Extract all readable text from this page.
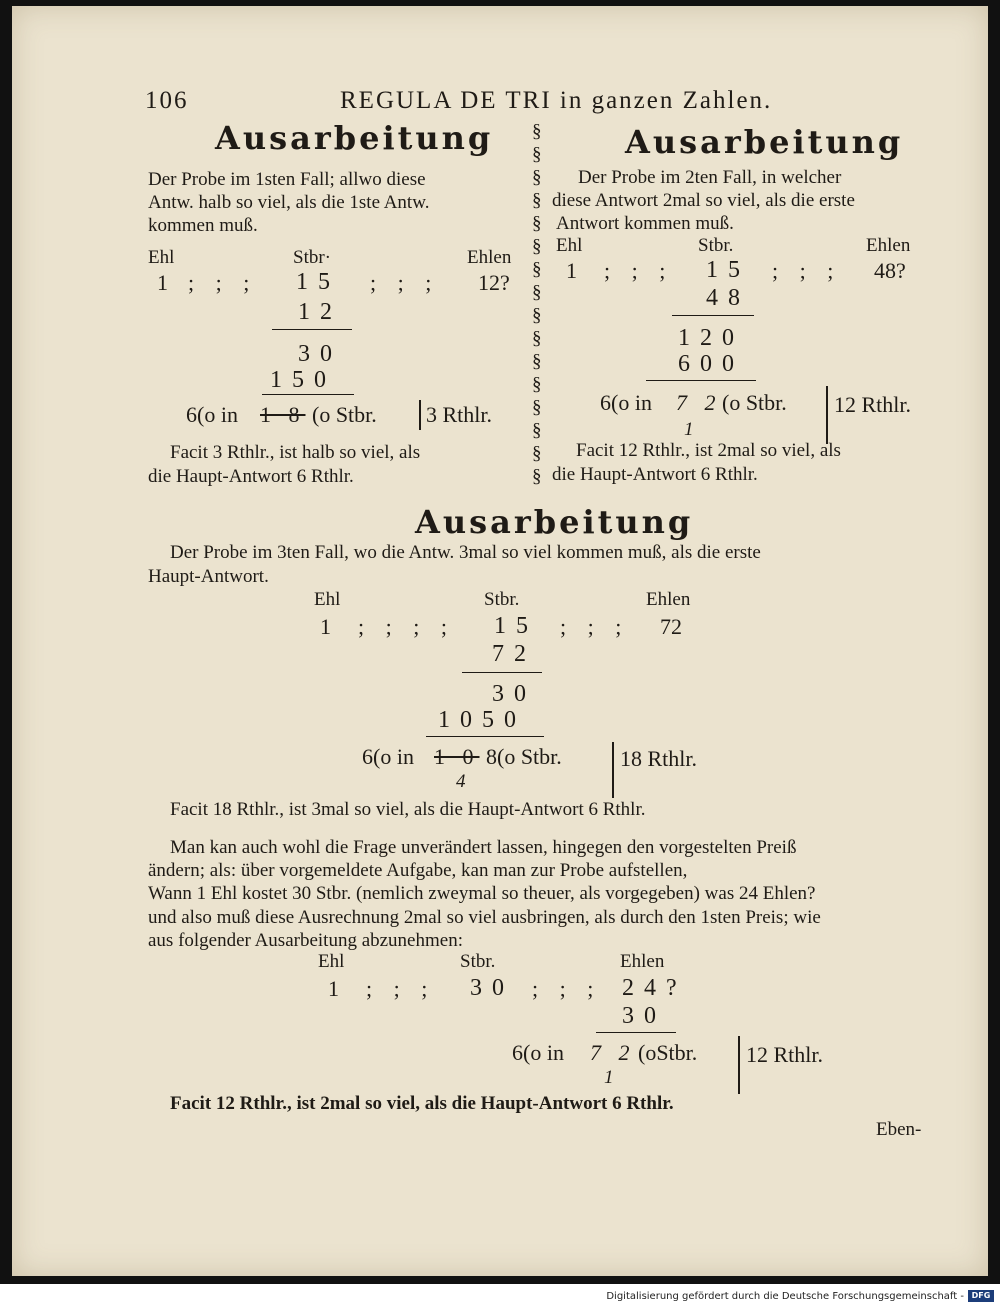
106	REGULA DE TRI in ganzen Zahlen.
Ausarbeitung
Der Probe im 1sten Fall; allwo diese
Antw. halb so viel, als die 1ste Antw.
kommen muß.
Ehl	Stbr·	Ehlen
1 ; ; ; 15 ; ; ; 12?
12
30
150
6(o in 1 8 (o Stbr. 3 Rthlr.
Facit 3 Rthlr., ist halb so viel, als
die Haupt-Antwort 6 Rthlr.
§
§
§
§
§
§
§
§
§
§
§
§
§
§
§
§
Ausarbeitung
Der Probe im 2ten Fall, in welcher
diese Antwort 2mal so viel, als die erste
Antwort kommen muß.
Ehl	Stbr.	Ehlen
1 ; ; ; 15 ; ; ; 48?
48
120
600
6(o in 7 2 (o Stbr. 12 Rthlr.
1
Facit 12 Rthlr., ist 2mal so viel, als
die Haupt-Antwort 6 Rthlr.
Ausarbeitung
Der Probe im 3ten Fall, wo die Antw. 3mal so viel kommen muß, als die erste
Haupt-Antwort.
Ehl	Stbr.	Ehlen
1 ; ; ; ; 15 ; ; ; 72
72
30
1050
6(o in 1 0 8(o Stbr.	18 Rthlr.
4
Facit 18 Rthlr., ist 3mal so viel, als die Haupt-Antwort 6 Rthlr.
Man kan auch wohl die Frage unverändert lassen, hingegen den vorgestelten Preiß
ändern; als: über vorgemeldete Aufgabe, kan man zur Probe aufstellen,
Wann 1 Ehl kostet 30 Stbr. (nemlich zweymal so theuer, als vorgegeben) was 24 Ehlen?
und also muß diese Ausrechnung 2mal so viel ausbringen, als durch den 1sten Preis; wie
aus folgender Ausarbeitung abzunehmen:
Ehl	Stbr.	Ehlen
1 ; ; ; 30 ; ; ; 24?
30
6(o in 7 2 (oStbr. 12 Rthlr.
1
Facit 12 Rthlr., ist 2mal so viel, als die Haupt-Antwort 6 Rthlr.
Eben-
Digitalisierung gefördert durch die Deutsche Forschungsgemeinschaft - DFG
